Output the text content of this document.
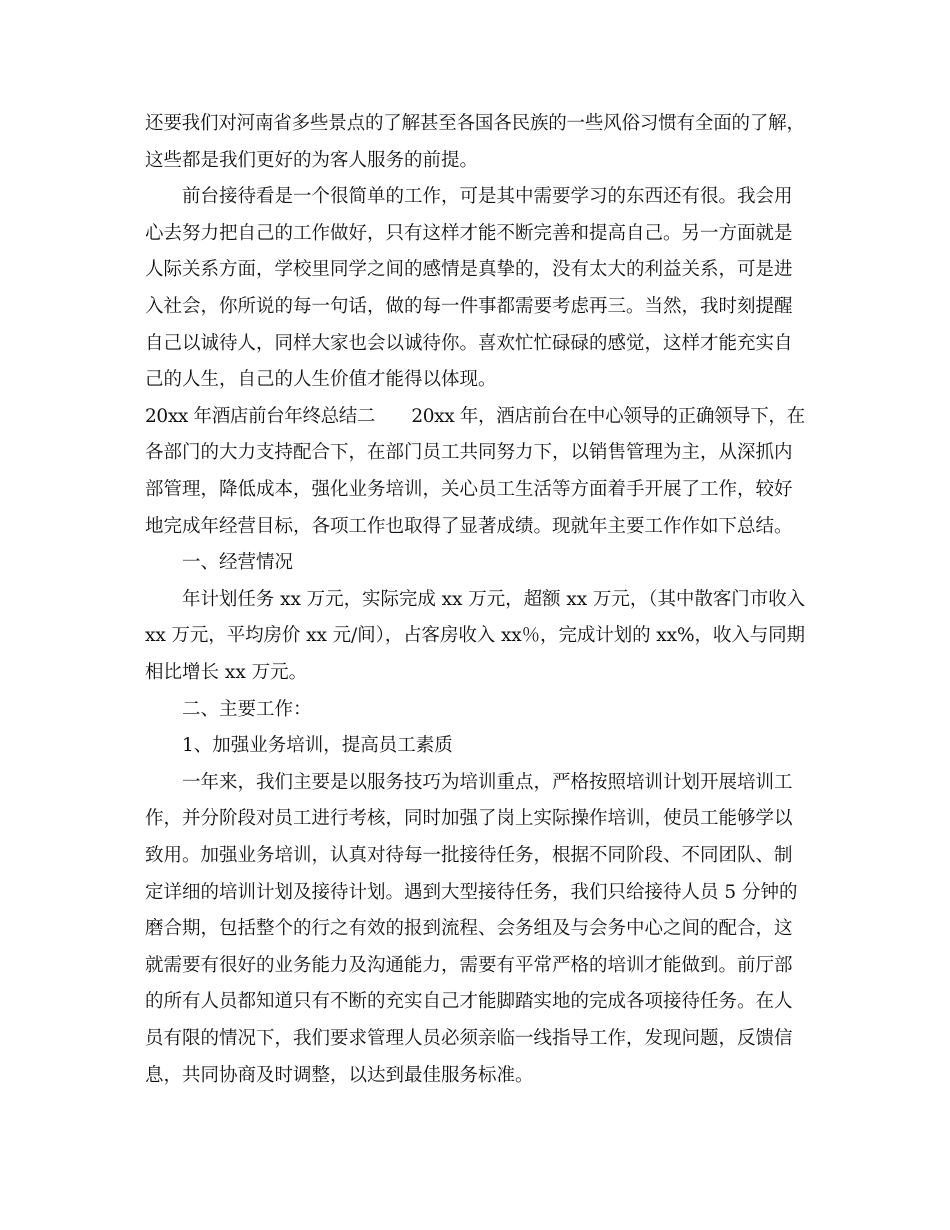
还要我们对河南省多些景点的了解甚至各国各民族的一些风俗习惯有全面的了解，
这些都是我们更好的为客人服务的前提。
前台接待看是一个很简单的工作，可是其中需要学习的东西还有很。我会用
心去努力把自己的工作做好，只有这样才能不断完善和提高自己。另一方面就是
人际关系方面，学校里同学之间的感情是真挚的，没有太大的利益关系，可是进
入社会，你所说的每一句话，做的每一件事都需要考虑再三。当然，我时刻提醒
自己以诚待人，同样大家也会以诚待你。喜欢忙忙碌碌的感觉，这样才能充实自
己的人生，自己的人生价值才能得以体现。
20xx 年酒店前台年终总结二　　20xx 年，酒店前台在中心领导的正确领导下，在
各部门的大力支持配合下，在部门员工共同努力下，以销售管理为主，从深抓内
部管理，降低成本，强化业务培训，关心员工生活等方面着手开展了工作，较好
地完成年经营目标，各项工作也取得了显著成绩。现就年主要工作作如下总结。
一、经营情况
年计划任务 xx 万元，实际完成 xx 万元，超额 xx 万元，（其中散客门市收入
xx 万元，平均房价 xx 元/间），占客房收入 xx％，完成计划的 xx%，收入与同期
相比增长 xx 万元。
二、主要工作：
1、加强业务培训，提高员工素质
一年来，我们主要是以服务技巧为培训重点，严格按照培训计划开展培训工
作，并分阶段对员工进行考核，同时加强了岗上实际操作培训，使员工能够学以
致用。加强业务培训，认真对待每一批接待任务，根据不同阶段、不同团队、制
定详细的培训计划及接待计划。遇到大型接待任务，我们只给接待人员 5 分钟的
磨合期，包括整个的行之有效的报到流程、会务组及与会务中心之间的配合，这
就需要有很好的业务能力及沟通能力，需要有平常严格的培训才能做到。前厅部
的所有人员都知道只有不断的充实自己才能脚踏实地的完成各项接待任务。在人
员有限的情况下，我们要求管理人员必须亲临一线指导工作，发现问题，反馈信
息，共同协商及时调整，以达到最佳服务标准。
